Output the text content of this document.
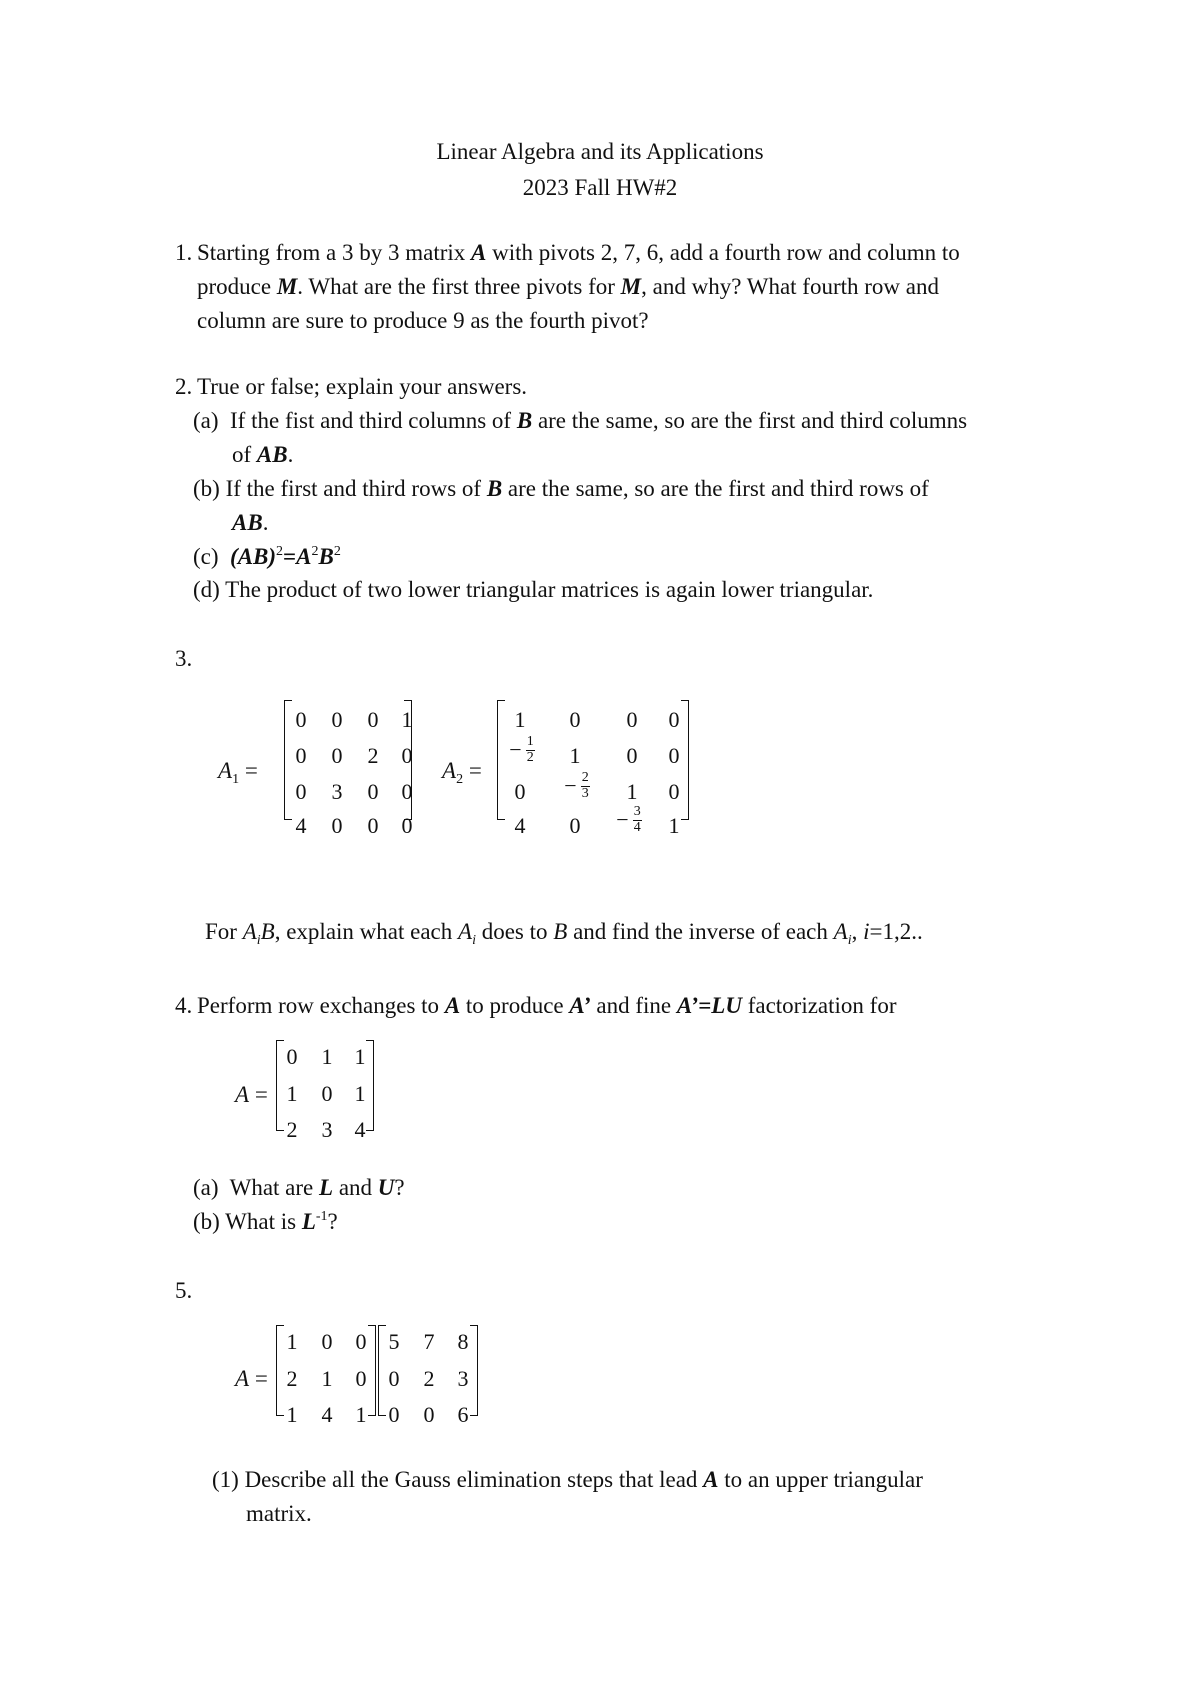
Linear Algebra and its Applications
2023 Fall HW#2
1. Starting from a 3 by 3 matrix A with pivots 2, 7, 6, add a fourth row and column to
produce M. What are the first three pivots for M, and why? What fourth row and
column are sure to produce 9 as the fourth pivot?
2. True or false; explain your answers.
(a)  If the fist and third columns of B are the same, so are the first and third columns
of AB.
(b) If the first and third rows of B are the same, so are the first and third rows of
AB.
(c)  $(AB)^2=A^2B^2$
(d) The product of two lower triangular matrices is again lower triangular.
3.
$A_1$ =
0	0	0	1
0	0	2	0
0	3	0	0
4	0	0	0
$A_2$ =
1	0	0	0
− $\frac{1}{2}$	1	0	0
0	− $\frac{2}{3}$	1	0
4	0	− $\frac{3}{4}$	1
For $A_iB$, explain what each $A_i$ does to B and find the inverse of each $A_i$, i=1,2..
4. Perform row exchanges to A to produce A’ and fine A’=LU factorization for
A =
0	1	1
1	0	1
2	3	4
(a)  What are L and U?
(b) What is $L^{-1}$?
5.
A =
1	0	0
2	1	0
1	4	1
5	7	8
0	2	3
0	0	6
(1) Describe all the Gauss elimination steps that lead A to an upper triangular
matrix.
